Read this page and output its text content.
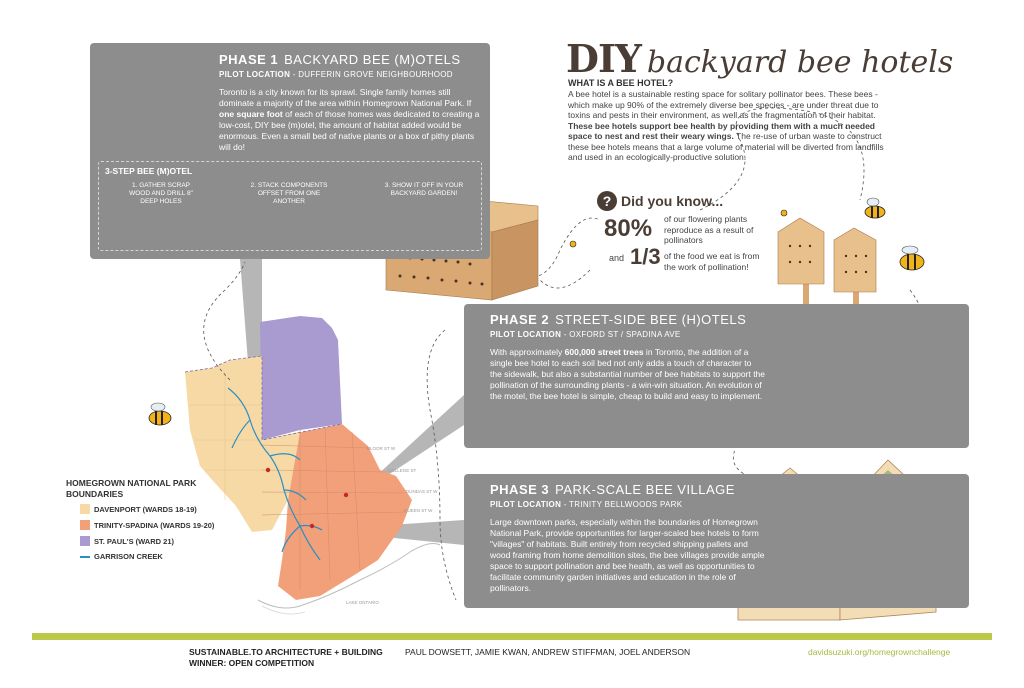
BLOOR ST W
COLLEGE ST
DUNDAS ST W
QUEEN ST W
LAKE ONTARIO
DIY backyard bee hotels
WHAT IS A BEE HOTEL?
A bee hotel is a sustainable resting space for solitary pollinator bees. These bees - which make up 90% of the extremely diverse bee species - are under threat due to toxins and pests in their environment, as well as the fragmentation of their habitat. These bee hotels support bee health by providing them with a much needed space to nest and rest their weary wings. The re-use of urban waste to construct these bee hotels means that a large volume of material will be diverted from landfills and used in an ecologically-productive solution.
? Did you know...
80% of our flowering plants reproduce as a result of pollinators
and 1/3 of the food we eat is from the work of pollination!
PHASE 1 BACKYARD BEE (M)OTELS
PILOT LOCATION - DUFFERIN GROVE NEIGHBOURHOOD
Toronto is a city known for its sprawl. Single family homes still dominate a majority of the area within Homegrown National Park. If one square foot of each of those homes was dedicated to creating a low-cost, DIY bee (m)otel, the amount of habitat added would be enormous. Even a small bed of native plants or a box of pithy plants will do!
3-STEP BEE (M)OTEL
1. GATHER SCRAP WOOD AND DRILL 8" DEEP HOLES
2. STACK COMPONENTS OFFSET FROM ONE ANOTHER
3. SHOW IT OFF IN YOUR BACKYARD GARDEN!
PHASE 2 STREET-SIDE BEE (H)OTELS
PILOT LOCATION - OXFORD ST / SPADINA AVE
With approximately 600,000 street trees in Toronto, the addition of a single bee hotel to each soil bed not only adds a touch of character to the sidewalk, but also a substantial number of bee habitats to support the pollination of the surrounding plants - a win-win situation. An evolution of the motel, the bee hotel is simple, cheap to build and easy to implement.
PHASE 3 PARK-SCALE BEE VILLAGE
PILOT LOCATION - TRINITY BELLWOODS PARK
Large downtown parks, especially within the boundaries of Homegrown National Park, provide opportunities for larger-scaled bee hotels to form "villages" of habitats. Built entirely from recycled shipping pallets and wood framing from home demolition sites, the bee villages provide ample space to support pollination and bee health, as well as opportunities to facilitate community garden initiatives and education in the role of pollinators.
HOMEGROWN NATIONAL PARK BOUNDARIES
DAVENPORT (WARDS 18-19)
TRINITY-SPADINA (WARDS 19-20)
ST. PAUL'S (WARD 21)
GARRISON CREEK
SUSTAINABLE.TO ARCHITECTURE + BUILDING
WINNER: OPEN COMPETITION
PAUL DOWSETT, JAMIE KWAN, ANDREW STIFFMAN, JOEL ANDERSON	davidsuzuki.org/homegrownchallenge
